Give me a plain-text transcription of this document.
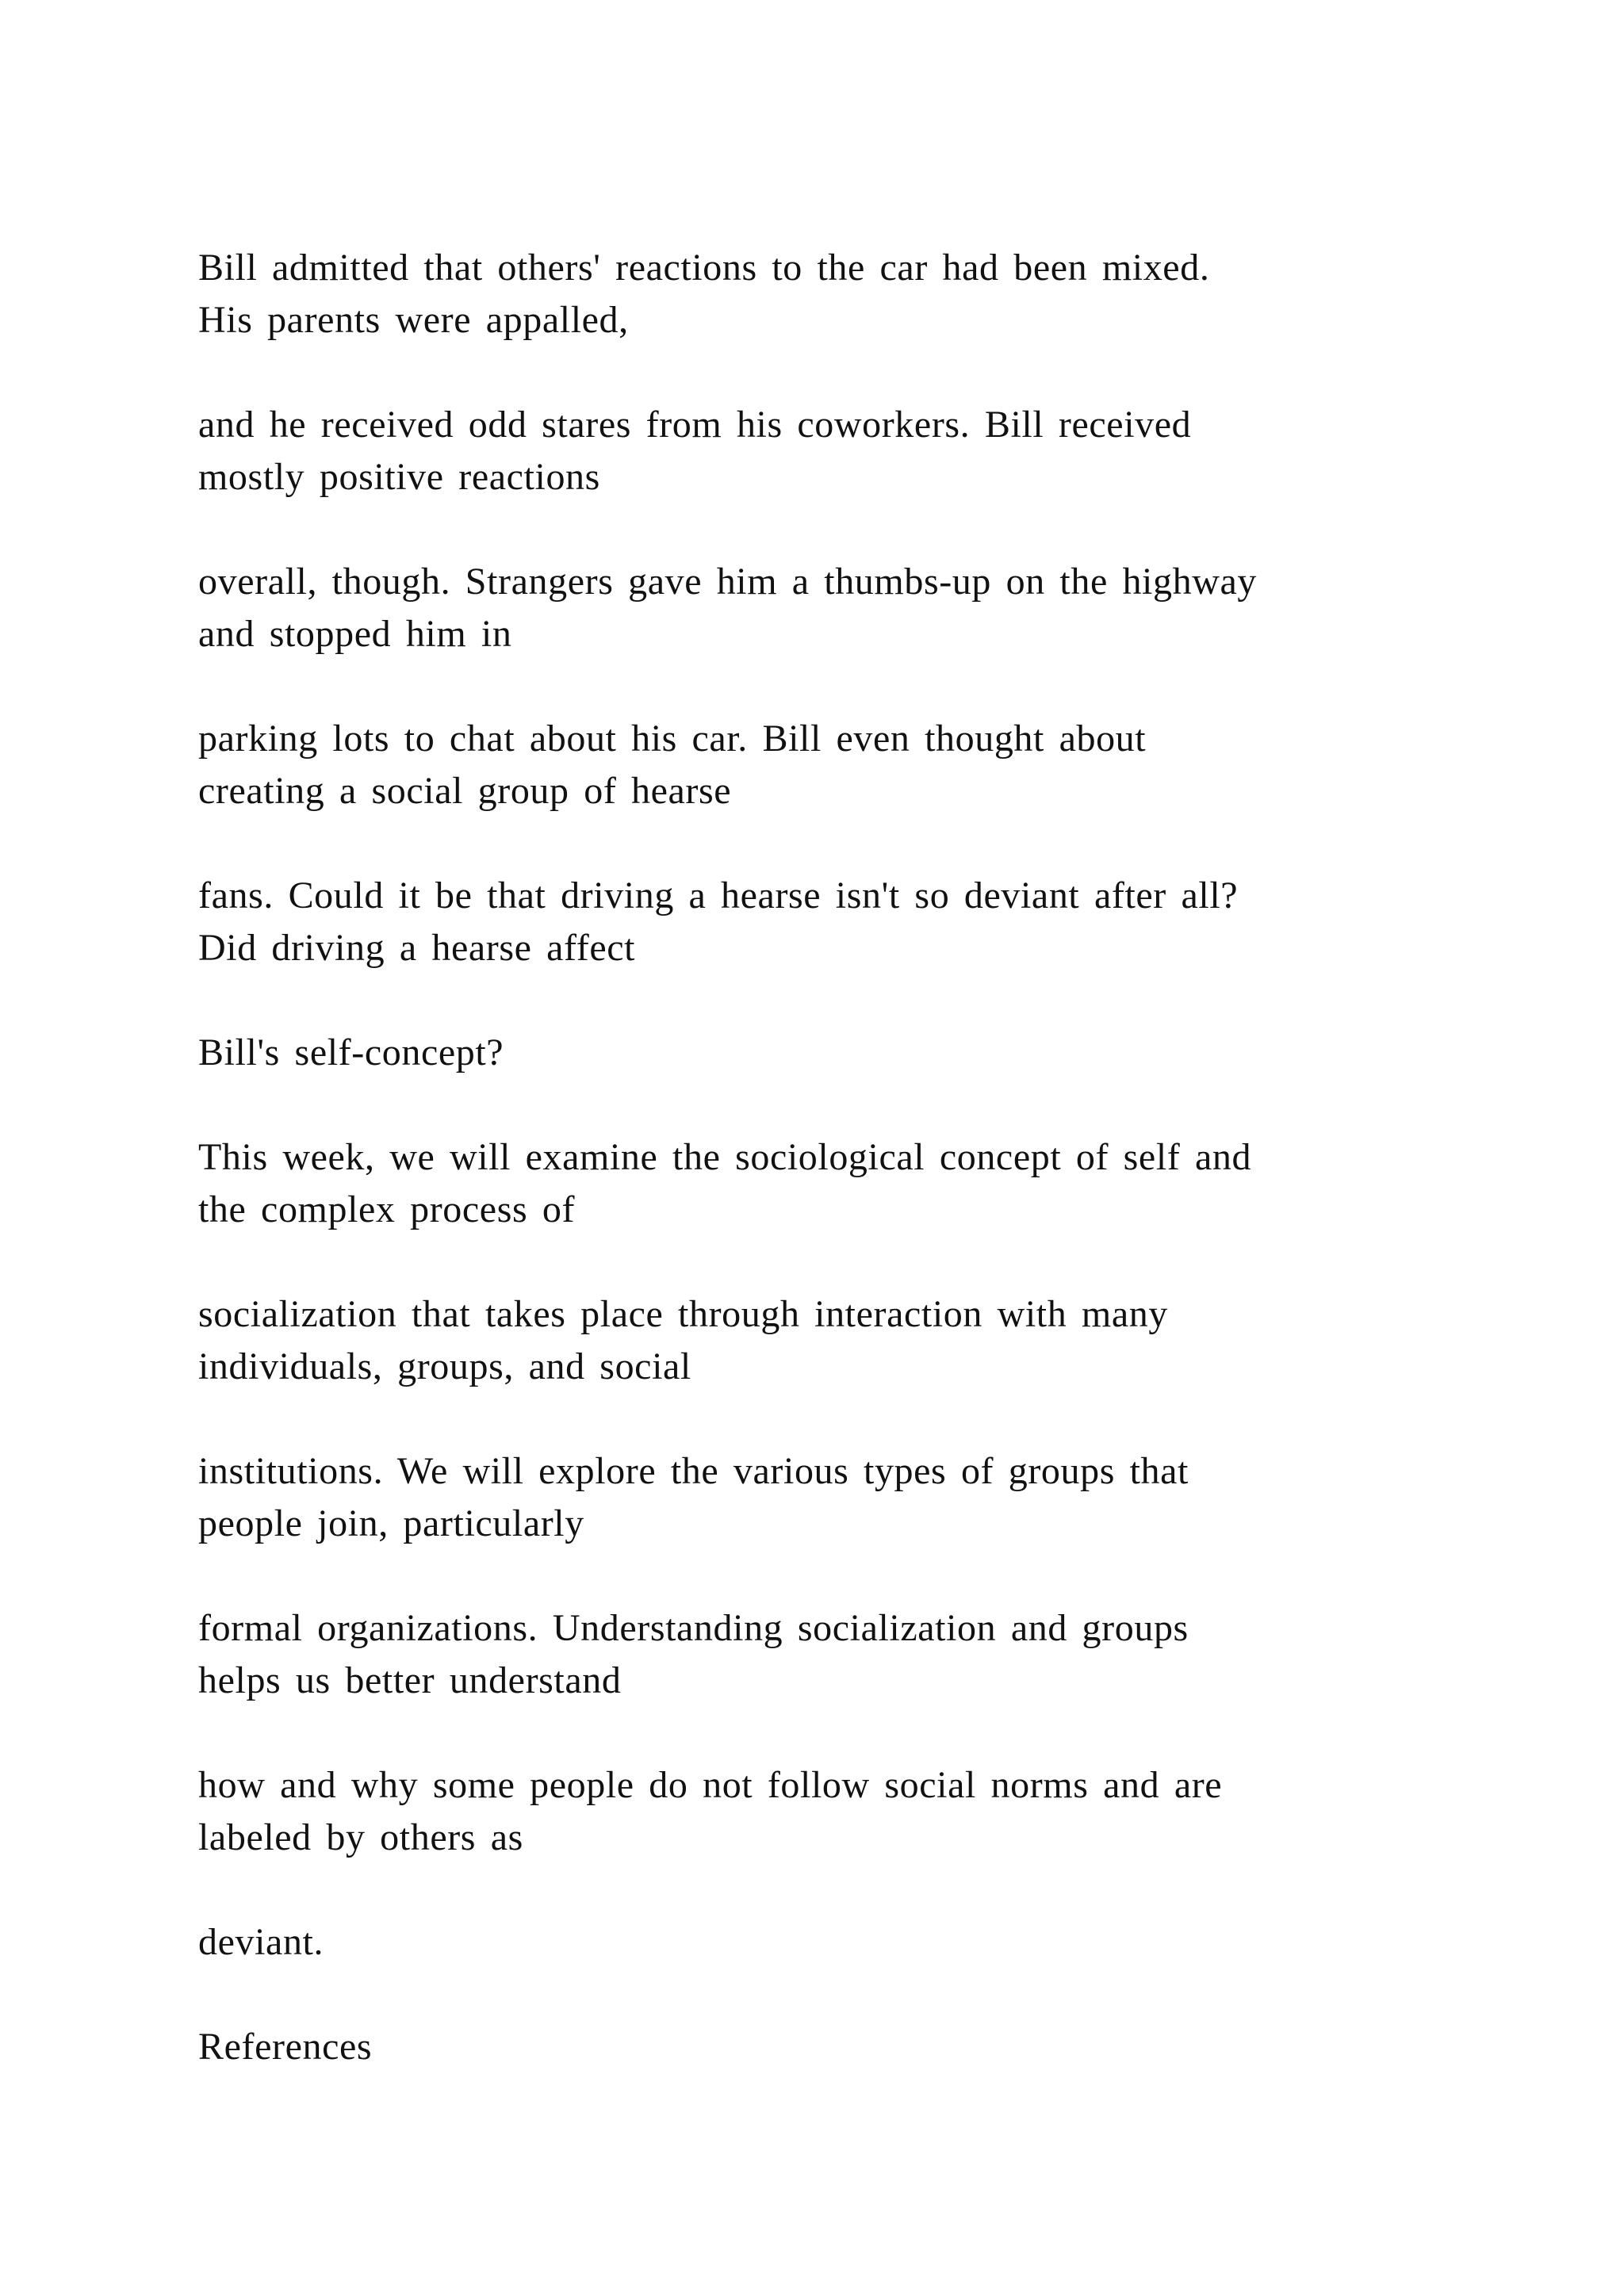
Bill admitted that others' reactions to the car had been mixed.
His parents were appalled,

and he received odd stares from his coworkers. Bill received
mostly positive reactions

overall, though. Strangers gave him a thumbs-up on the highway
and stopped him in

parking lots to chat about his car. Bill even thought about
creating a social group of hearse

fans. Could it be that driving a hearse isn't so deviant after all?
Did driving a hearse affect

Bill's self-concept?

This week, we will examine the sociological concept of self and
the complex process of

socialization that takes place through interaction with many
individuals, groups, and social

institutions. We will explore the various types of groups that
people join, particularly

formal organizations. Understanding socialization and groups
helps us better understand

how and why some people do not follow social norms and are
labeled by others as

deviant.

References
